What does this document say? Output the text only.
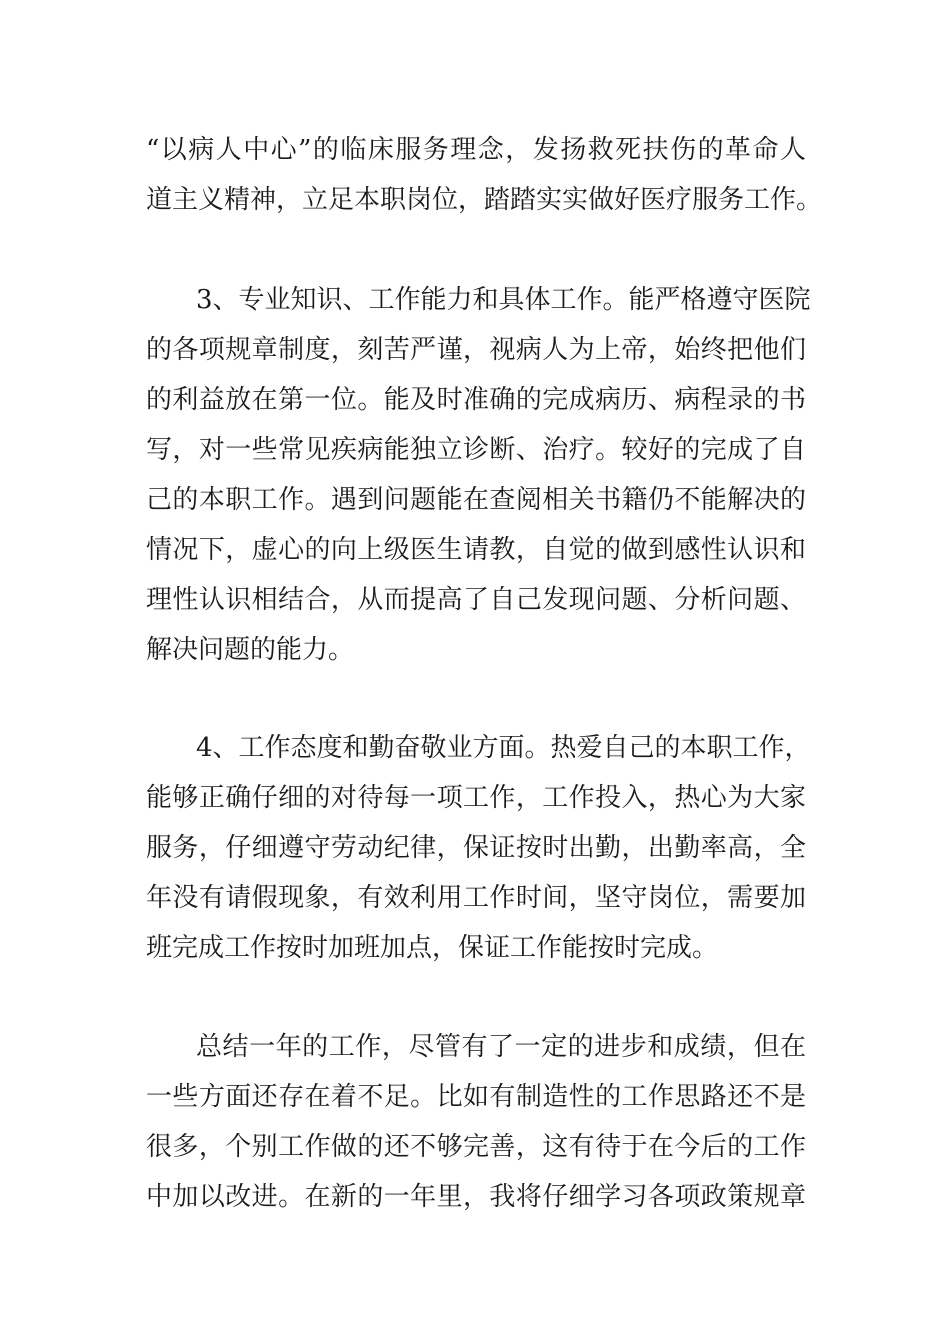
“以病人中心”的临床服务理念，发扬救死扶伤的革命人
道主义精神，立足本职岗位，踏踏实实做好医疗服务工作。
3、专业知识、工作能力和具体工作。能严格遵守医院
的各项规章制度，刻苦严谨，视病人为上帝，始终把他们
的利益放在第一位。能及时准确的完成病历、病程录的书
写，对一些常见疾病能独立诊断、治疗。较好的完成了自
己的本职工作。遇到问题能在查阅相关书籍仍不能解决的
情况下，虚心的向上级医生请教，自觉的做到感性认识和
理性认识相结合，从而提高了自己发现问题、分析问题、
解决问题的能力。
4、工作态度和勤奋敬业方面。热爱自己的本职工作，
能够正确仔细的对待每一项工作，工作投入，热心为大家
服务，仔细遵守劳动纪律，保证按时出勤，出勤率高，全
年没有请假现象，有效利用工作时间，坚守岗位，需要加
班完成工作按时加班加点，保证工作能按时完成。
总结一年的工作，尽管有了一定的进步和成绩，但在
一些方面还存在着不足。比如有制造性的工作思路还不是
很多，个别工作做的还不够完善，这有待于在今后的工作
中加以改进。在新的一年里，我将仔细学习各项政策规章
